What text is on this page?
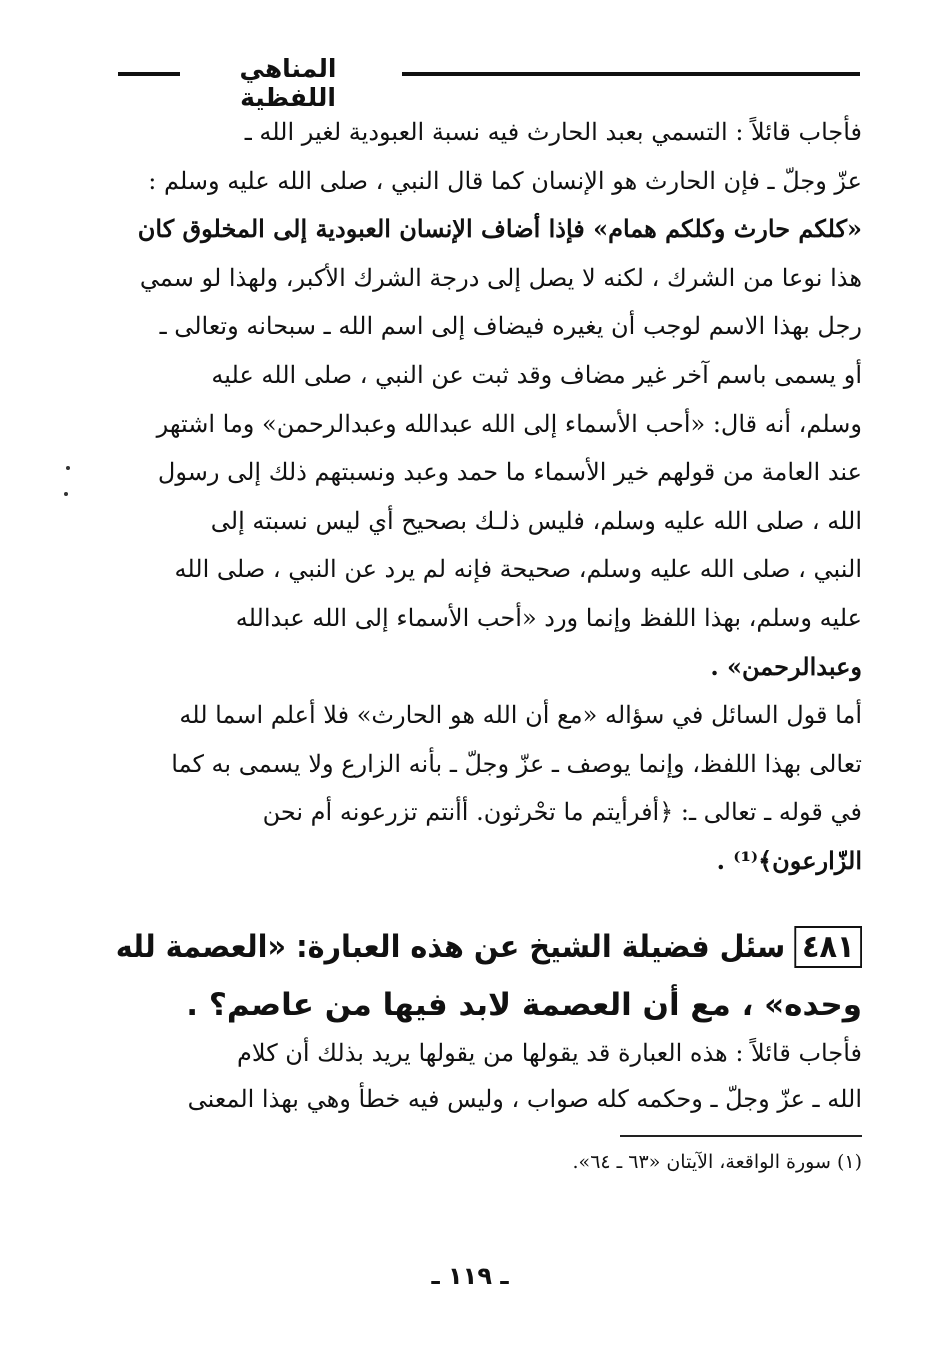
المناهي اللفظية
فأجاب قائلاً : التسمي بعبد الحارث فيه نسبة العبودية لغير الله ـ
عزّ وجلّ ـ فإن الحارث هو الإنسان كما قال النبي ، صلى الله عليه وسلم :
«كلكم حارث وكلكم همام» فإذا أضاف الإنسان العبودية إلى المخلوق كان
هذا نوعا من الشرك ، لكنه لا يصل إلى درجة الشرك الأكبر، ولهذا لو سمي
رجل بهذا الاسم لوجب أن يغيره فيضاف إلى اسم الله ـ سبحانه وتعالى ـ
أو يسمى باسم آخر غير مضاف وقد ثبت عن النبي ، صلى الله عليه
وسلم، أنه قال: «أحب الأسماء إلى الله عبدالله وعبدالرحمن» وما اشتهر
عند العامة من قولهم خير الأسماء ما حمد وعبد ونسبتهم ذلك إلى رسول
الله ، صلى الله عليه وسلم، فليس ذلـك بصحيح أي ليس نسبته إلى
النبي ، صلى الله عليه وسلم، صحيحة فإنه لم يرد عن النبي ، صلى الله
عليه وسلم، بهذا اللفظ وإنما ورد «أحب الأسماء إلى الله عبدالله
وعبدالرحمن» .
أما قول السائل في سؤاله «مع أن الله هو الحارث» فلا أعلم اسما لله
تعالى بهذا اللفظ، وإنما يوصف ـ عزّ وجلّ ـ بأنه الزارع ولا يسمى به كما
في قوله ـ تعالى ـ: ﴿أفرأيتم ما تحْرثون. أأنتم تزرعونه أم نحن
الزّارعون﴾⁽¹⁾ .
٤٨١سئل فضيلة الشيخ عن هذه العبارة: «العصمة لله
وحده» ، مع أن العصمة لابد فيها من عاصم؟ .
فأجاب قائلاً : هذه العبارة قد يقولها من يقولها يريد بذلك أن كلام
الله ـ عزّ وجلّ ـ وحكمه كله صواب ، وليس فيه خطأ وهي بهذا المعنى
(١) سورة الواقعة، الآيتان «٦٣ ـ ٦٤».
ـ ١١٩ ـ
